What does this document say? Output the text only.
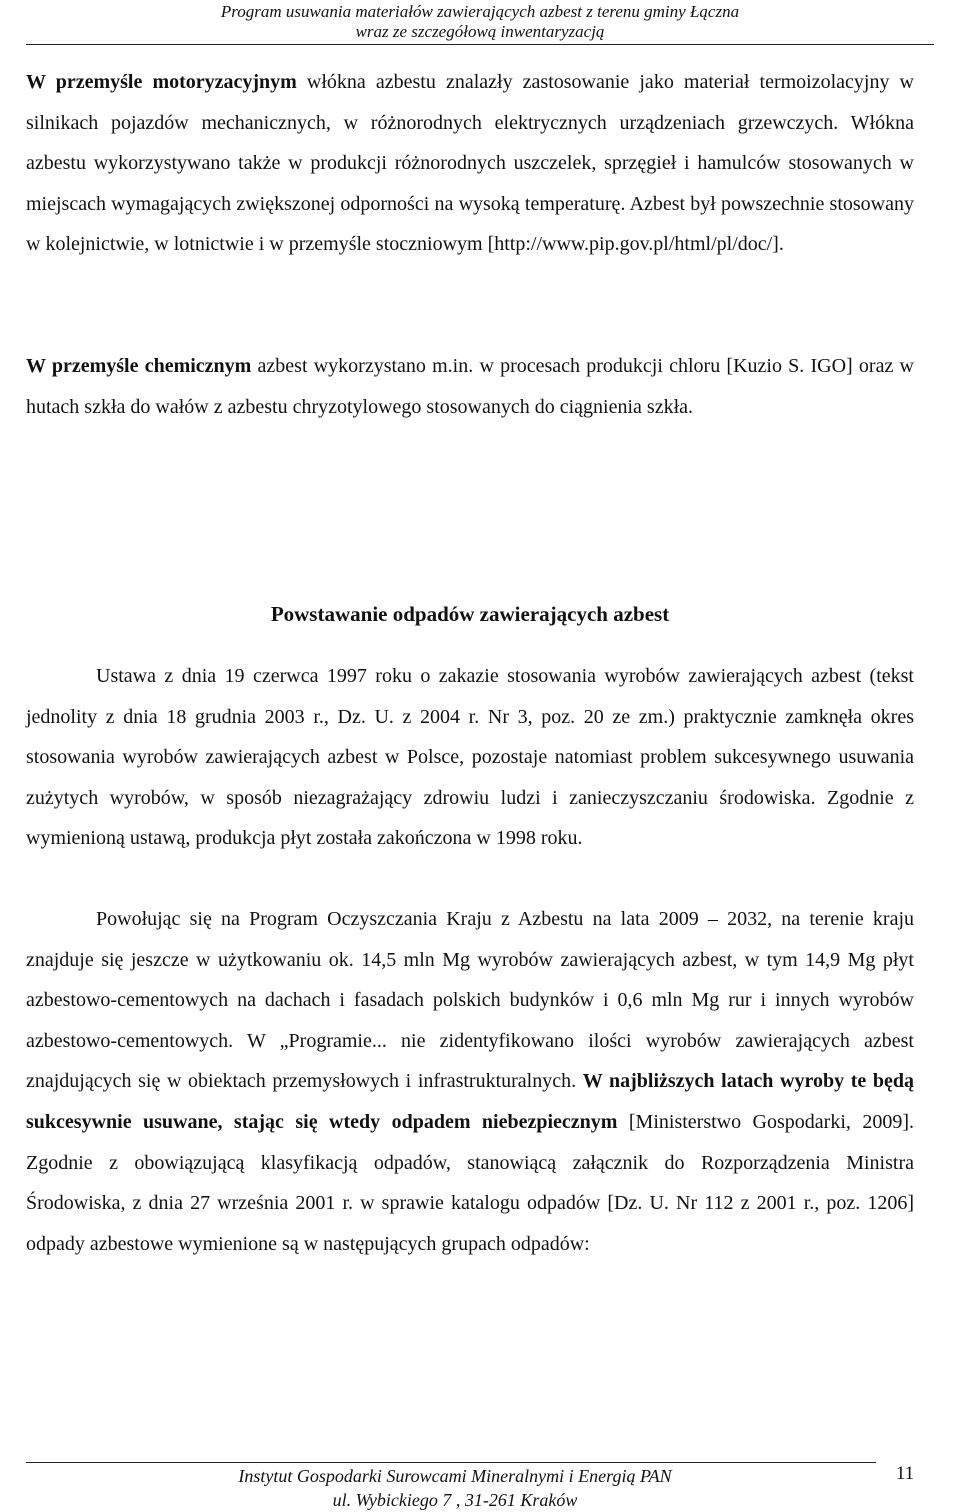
Program usuwania materiałów zawierających azbest z terenu gminy Łączna
wraz ze szczegółową inwentaryzacją

W przemyśle motoryzacyjnym włókna azbestu znalazły zastosowanie jako materiał termoizolacyjny w silnikach pojazdów mechanicznych, w różnorodnych elektrycznych urządzeniach grzewczych. Włókna azbestu wykorzystywano także w produkcji różnorodnych uszczelek, sprzęgieł i hamulców stosowanych w miejscach wymagających zwiększonej odporności na wysoką temperaturę. Azbest był powszechnie stosowany w kolejnictwie, w lotnictwie i w przemyśle stoczniowym [http://www.pip.gov.pl/html/pl/doc/].

W przemyśle chemicznym azbest wykorzystano m.in. w procesach produkcji chloru [Kuzio S. IGO] oraz w hutach szkła do wałów z azbestu chryzotylowego stosowanych do ciągnienia szkła.

Powstawanie odpadów zawierających azbest

Ustawa z dnia 19 czerwca 1997 roku o zakazie stosowania wyrobów zawierających azbest (tekst jednolity z dnia 18 grudnia 2003 r., Dz. U. z 2004 r. Nr 3, poz. 20 ze zm.) praktycznie zamknęła okres stosowania wyrobów zawierających azbest w Polsce, pozostaje natomiast problem sukcesywnego usuwania zużytych wyrobów, w sposób niezagrażający zdrowiu ludzi i zanieczyszczaniu środowiska. Zgodnie z wymienioną ustawą, produkcja płyt została zakończona w 1998 roku.

Powołując się na Program Oczyszczania Kraju z Azbestu na lata 2009 – 2032, na terenie kraju znajduje się jeszcze w użytkowaniu ok. 14,5 mln Mg wyrobów zawierających azbest, w tym 14,9 Mg płyt azbestowo-cementowych na dachach i fasadach polskich budynków i 0,6 mln Mg rur i innych wyrobów azbestowo-cementowych. W „Programie... nie zidentyfikowano ilości wyrobów zawierających azbest znajdujących się w obiektach przemysłowych i infrastrukturalnych. W najbliższych latach wyroby te będą sukcesywnie usuwane, stając się wtedy odpadem niebezpiecznym [Ministerstwo Gospodarki, 2009]. Zgodnie z obowiązującą klasyfikacją odpadów, stanowiącą załącznik do Rozporządzenia Ministra Środowiska, z dnia 27 września 2001 r. w sprawie katalogu odpadów [Dz. U. Nr 112 z 2001 r., poz. 1206] odpady azbestowe wymienione są w następujących grupach odpadów:

Instytut Gospodarki Surowcami Mineralnymi i Energią PAN
ul. Wybickiego 7 , 31-261 Kraków
11
